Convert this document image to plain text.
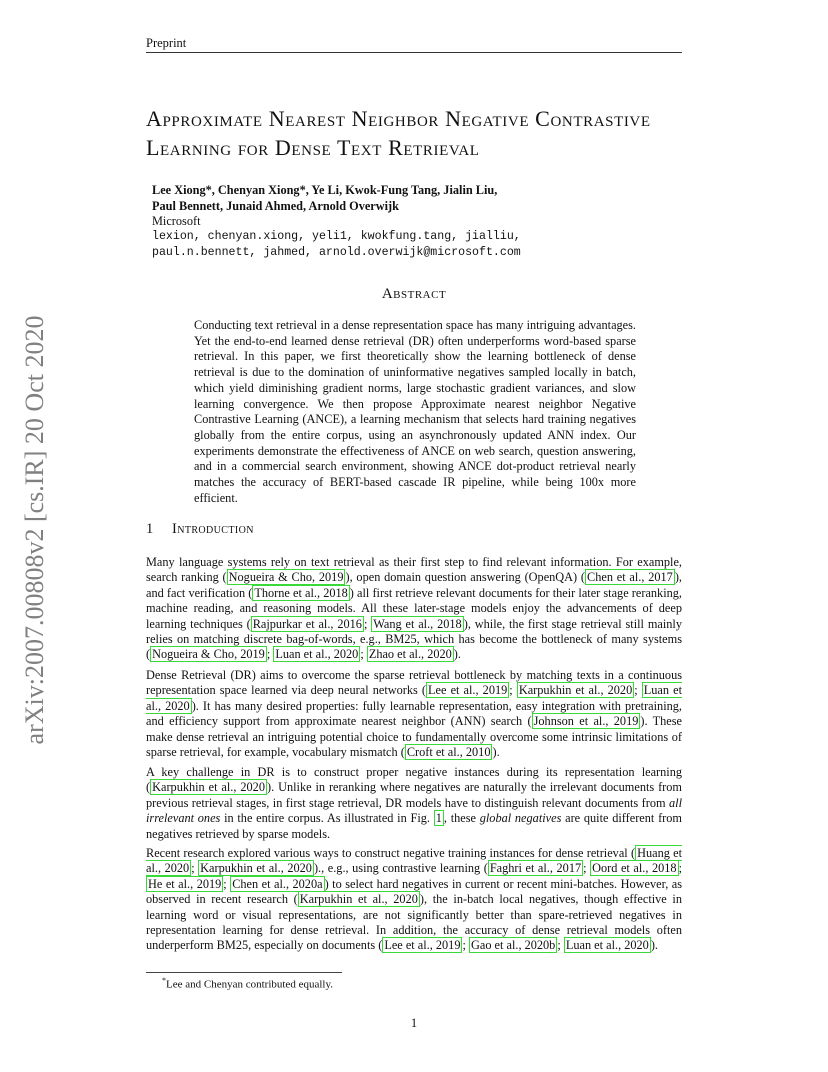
Preprint
arXiv:2007.00808v2 [cs.IR] 20 Oct 2020
Approximate Nearest Neighbor Negative Contrastive Learning for Dense Text Retrieval
Lee Xiong*, Chenyan Xiong*, Ye Li, Kwok-Fung Tang, Jialin Liu,
Paul Bennett, Junaid Ahmed, Arnold Overwijk
Microsoft
lexion, chenyan.xiong, yeli1, kwokfung.tang, jialliu,
paul.n.bennett, jahmed, arnold.overwijk@microsoft.com
Abstract
Conducting text retrieval in a dense representation space has many intriguing advantages. Yet the end-to-end learned dense retrieval (DR) often underperforms word-based sparse retrieval. In this paper, we first theoretically show the learning bottleneck of dense retrieval is due to the domination of uninformative negatives sampled locally in batch, which yield diminishing gradient norms, large stochastic gradient variances, and slow learning convergence. We then propose Approximate nearest neighbor Negative Contrastive Learning (ANCE), a learning mechanism that selects hard training negatives globally from the entire corpus, using an asynchronously updated ANN index. Our experiments demonstrate the effectiveness of ANCE on web search, question answering, and in a commercial search environment, showing ANCE dot-product retrieval nearly matches the accuracy of BERT-based cascade IR pipeline, while being 100x more efficient.
1 Introduction
Many language systems rely on text retrieval as their first step to find relevant information. For example, search ranking ( Nogueira & Cho, 2019 ), open domain question answering (OpenQA) ( Chen et al., 2017 ), and fact verification ( Thorne et al., 2018 ) all first retrieve relevant documents for their later stage reranking, machine reading, and reasoning models. All these later-stage models enjoy the advancements of deep learning techniques ( Rajpurkar et al., 2016 ; Wang et al., 2018 ), while, the first stage retrieval still mainly relies on matching discrete bag-of-words, e.g., BM25, which has become the bottleneck of many systems ( Nogueira & Cho, 2019 ; Luan et al., 2020 ; Zhao et al., 2020 ).
Dense Retrieval (DR) aims to overcome the sparse retrieval bottleneck by matching texts in a continuous representation space learned via deep neural networks ( Lee et al., 2019 ; Karpukhin et al., 2020 ; Luan et al., 2020 ). It has many desired properties: fully learnable representation, easy integration with pretraining, and efficiency support from approximate nearest neighbor (ANN) search ( Johnson et al., 2019 ). These make dense retrieval an intriguing potential choice to fundamentally overcome some intrinsic limitations of sparse retrieval, for example, vocabulary mismatch ( Croft et al., 2010 ).
A key challenge in DR is to construct proper negative instances during its representation learning ( Karpukhin et al., 2020 ). Unlike in reranking where negatives are naturally the irrelevant documents from previous retrieval stages, in first stage retrieval, DR models have to distinguish relevant documents from all irrelevant ones in the entire corpus. As illustrated in Fig. 1 , these global negatives are quite different from negatives retrieved by sparse models.
Recent research explored various ways to construct negative training instances for dense retrieval ( Huang et al., 2020 ; Karpukhin et al., 2020 )., e.g., using contrastive learning ( Faghri et al., 2017 ; Oord et al., 2018 ; He et al., 2019 ; Chen et al., 2020a ) to select hard negatives in current or recent mini-batches. However, as observed in recent research ( Karpukhin et al., 2020 ), the in-batch local negatives, though effective in learning word or visual representations, are not significantly better than spare-retrieved negatives in representation learning for dense retrieval. In addition, the accuracy of dense retrieval models often underperform BM25, especially on documents ( Lee et al., 2019 ; Gao et al., 2020b ; Luan et al., 2020 ).
*Lee and Chenyan contributed equally.
1
